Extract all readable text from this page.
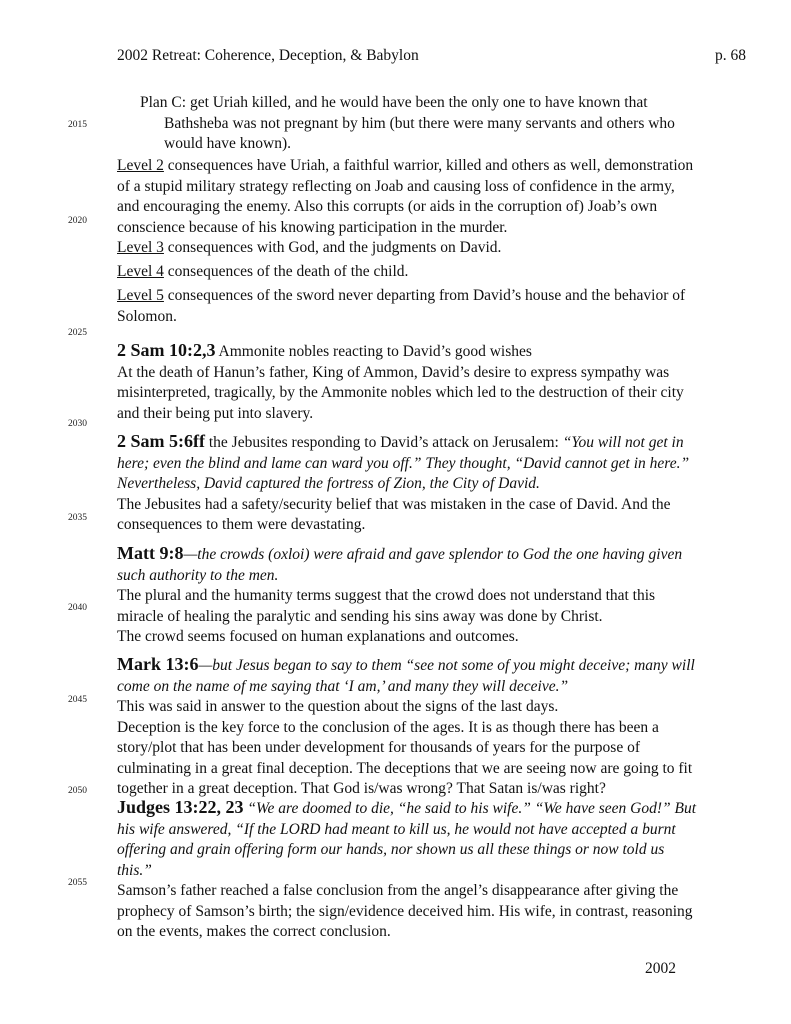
2002 Retreat: Coherence, Deception, & Babylon	p. 68
2015
2020
2025
2030
2035
2040
2045
2050
2055

Plan C: get Uriah killed, and he would have been the only one to have known that Bathsheba was not pregnant by him (but there were many servants and others who would have known).

Level 2 consequences have Uriah, a faithful warrior, killed and others as well, demonstration of a stupid military strategy reflecting on Joab and causing loss of confidence in the army, and encouraging the enemy. Also this corrupts (or aids in the corruption of) Joab’s own conscience because of his knowing participation in the murder.

Level 3 consequences with God, and the judgments on David.

Level 4 consequences of the death of the child.

Level 5 consequences of the sword never departing from David’s house and the behavior of Solomon.

2 Sam 10:2,3 Ammonite nobles reacting to David’s good wishes

At the death of Hanun’s father, King of Ammon, David’s desire to express sympathy was misinterpreted, tragically, by the Ammonite nobles which led to the destruction of their city and their being put into slavery.

2 Sam 5:6ff the Jebusites responding to David’s attack on Jerusalem: “You will not get in here; even the blind and lame can ward you off.” They thought, “David cannot get in here.” Nevertheless, David captured the fortress of Zion, the City of David.

The Jebusites had a safety/security belief that was mistaken in the case of David. And the consequences to them were devastating.

Matt 9:8—the crowds (oxloi) were afraid and gave splendor to God the one having given such authority to the men.

The plural and the humanity terms suggest that the crowd does not understand that this miracle of healing the paralytic and sending his sins away was done by Christ.

The crowd seems focused on human explanations and outcomes.

Mark 13:6—but Jesus began to say to them “see not some of you might deceive; many will come on the name of me saying that ‘I am,’ and many they will deceive.”

This was said in answer to the question about the signs of the last days.

Deception is the key force to the conclusion of the ages. It is as though there has been a story/plot that has been under development for thousands of years for the purpose of culminating in a great final deception. The deceptions that we are seeing now are going to fit together in a great deception. That God is/was wrong? That Satan is/was right?

Judges 13:22, 23 “We are doomed to die, “he said to his wife.” “We have seen God!” But his wife answered, “If the LORD had meant to kill us, he would not have accepted a burnt offering and grain offering form our hands, nor shown us all these things or now told us this.”

Samson’s father reached a false conclusion from the angel’s disappearance after giving the prophecy of Samson’s birth; the sign/evidence deceived him. His wife, in contrast, reasoning on the events, makes the correct conclusion.

2002
